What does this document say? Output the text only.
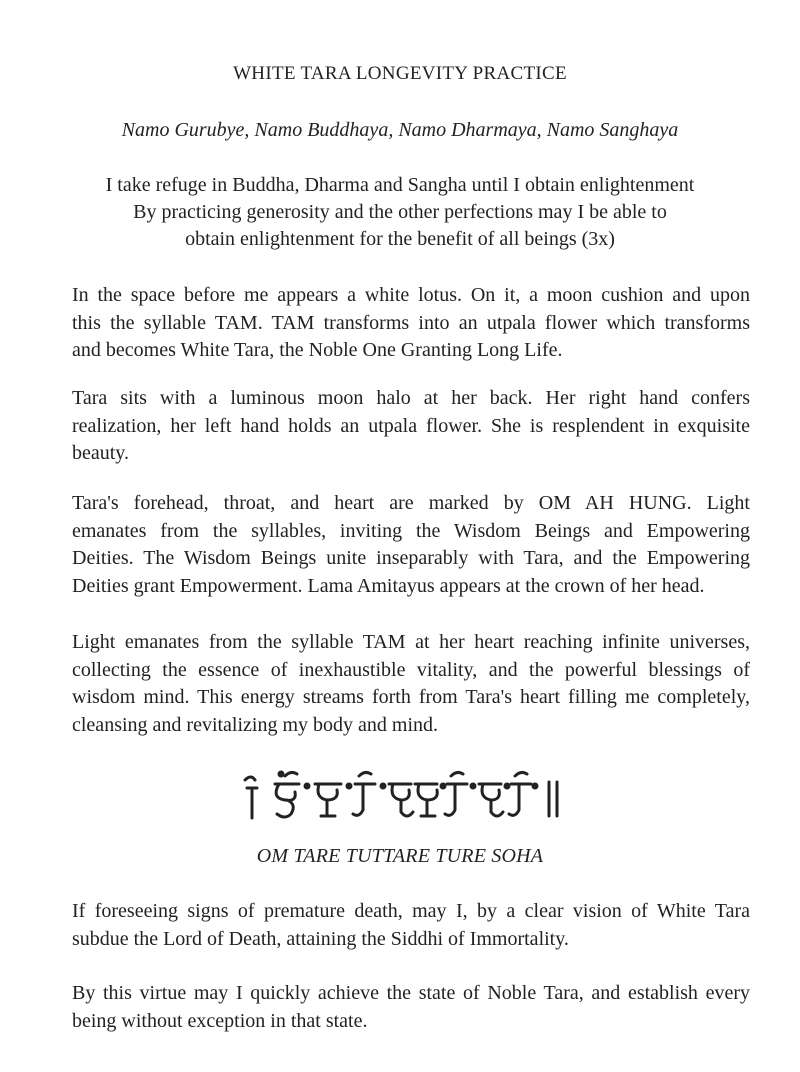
WHITE TARA LONGEVITY PRACTICE
Namo Gurubye, Namo Buddhaya, Namo Dharmaya, Namo Sanghaya
I take refuge in Buddha, Dharma and Sangha until I obtain enlightenment
By practicing generosity and the other perfections may I be able to
obtain enlightenment for the benefit of all beings (3x)
In the space before me appears a white lotus. On it, a moon cushion and upon
this the syllable TAM. TAM transforms into an utpala flower which transforms
and becomes White Tara, the Noble One Granting Long Life.
Tara sits with a luminous moon halo at her back. Her right hand confers
realization, her left hand holds an utpala flower. She is resplendent in exquisite
beauty.
Tara's forehead, throat, and heart are marked by OM AH HUNG. Light
emanates from the syllables, inviting the Wisdom Beings and Empowering
Deities. The Wisdom Beings unite inseparably with Tara, and the Empowering
Deities grant Empowerment. Lama Amitayus appears at the crown of her head.
Light emanates from the syllable TAM at her heart reaching infinite universes,
collecting the essence of inexhaustible vitality, and the powerful blessings of
wisdom mind. This energy streams forth from Tara's heart filling me completely,
cleansing and revitalizing my body and mind.
OM TARE TUTTARE TURE SOHA
If foreseeing signs of premature death, may I, by a clear vision of White Tara
subdue the Lord of Death, attaining the Siddhi of Immortality.
By this virtue may I quickly achieve the state of Noble Tara, and establish every
being without exception in that state.
